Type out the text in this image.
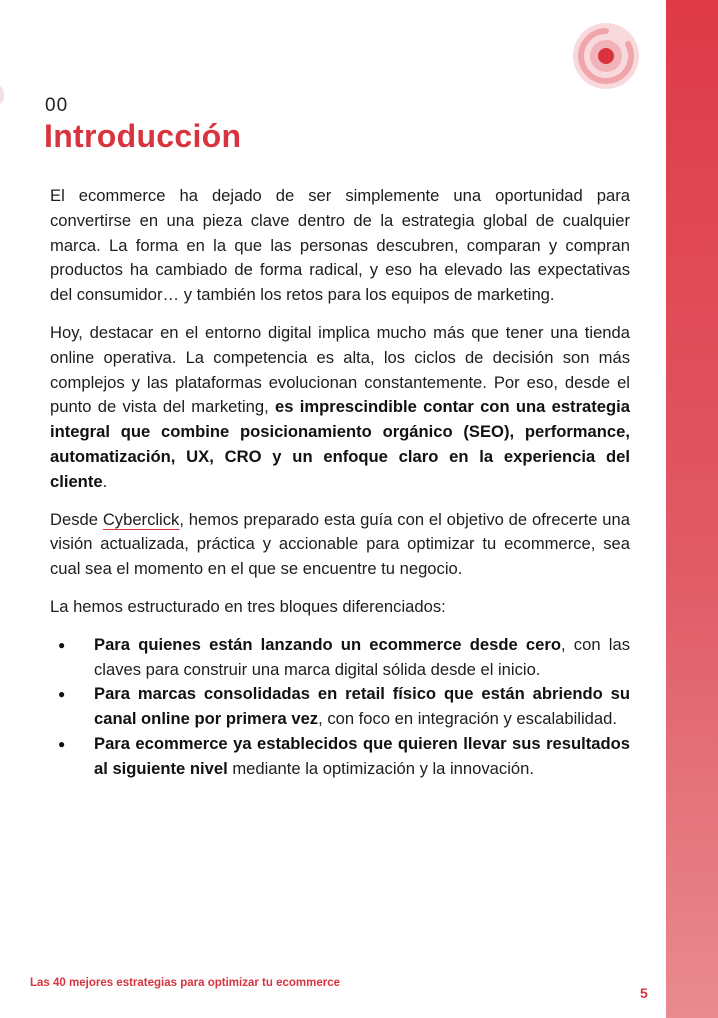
00
Introducción

El ecommerce ha dejado de ser simplemente una oportunidad para convertirse en una pieza clave dentro de la estrategia global de cualquier marca. La forma en la que las personas descubren, comparan y compran productos ha cambiado de forma radical, y eso ha elevado las expectativas del consumidor… y también los retos para los equipos de marketing.

Hoy, destacar en el entorno digital implica mucho más que tener una tienda online operativa. La competencia es alta, los ciclos de decisión son más complejos y las plataformas evolucionan constantemente. Por eso, desde el punto de vista del marketing, es imprescindible contar con una estrategia integral que combine posicionamiento orgánico (SEO), performance, automatización, UX, CRO y un enfoque claro en la experiencia del cliente.

Desde Cyberclick, hemos preparado esta guía con el objetivo de ofrecerte una visión actualizada, práctica y accionable para optimizar tu ecommerce, sea cual sea el momento en el que se encuentre tu negocio.

La hemos estructurado en tres bloques diferenciados:

● Para quienes están lanzando un ecommerce desde cero, con las claves para construir una marca digital sólida desde el inicio.
● Para marcas consolidadas en retail físico que están abriendo su canal online por primera vez, con foco en integración y escalabilidad.
● Para ecommerce ya establecidos que quieren llevar sus resultados al siguiente nivel mediante la optimización y la innovación.
Las 40 mejores estrategias para optimizar tu ecommerce
5
